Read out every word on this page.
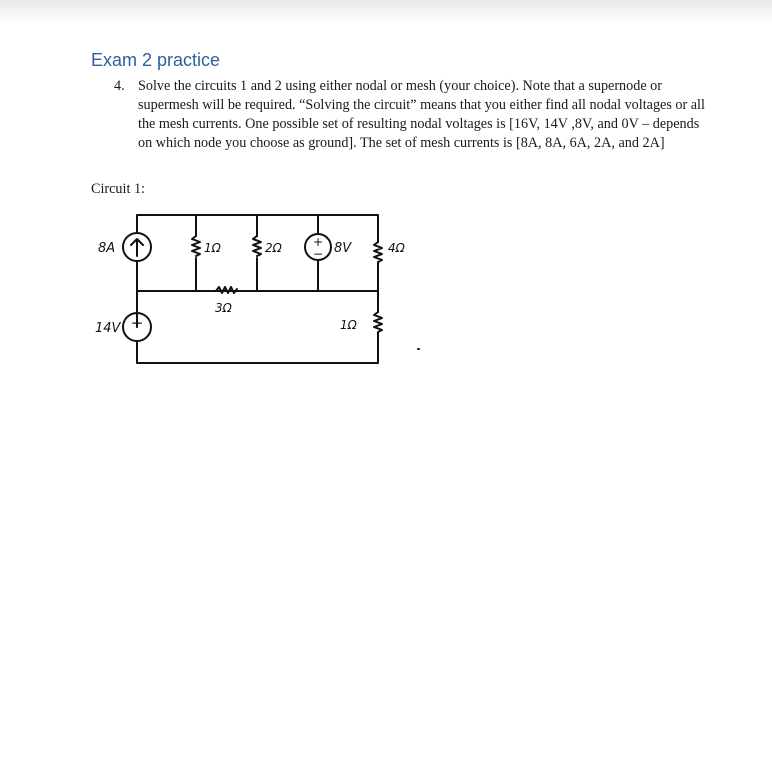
Exam 2 practice
4. Solve the circuits 1 and 2 using either nodal or mesh (your choice). Note that a supernode or supermesh will be required. “Solving the circuit” means that you either find all nodal voltages or all the mesh currents. One possible set of resulting nodal voltages is [16V, 14V ,8V, and 0V – depends on which node you choose as ground]. The set of mesh currents is [8A, 8A, 6A, 2A, and 2A]
Circuit 1:
+
+
−
8A
14V
8V
1Ω	2Ω	4Ω
3Ω
1Ω
